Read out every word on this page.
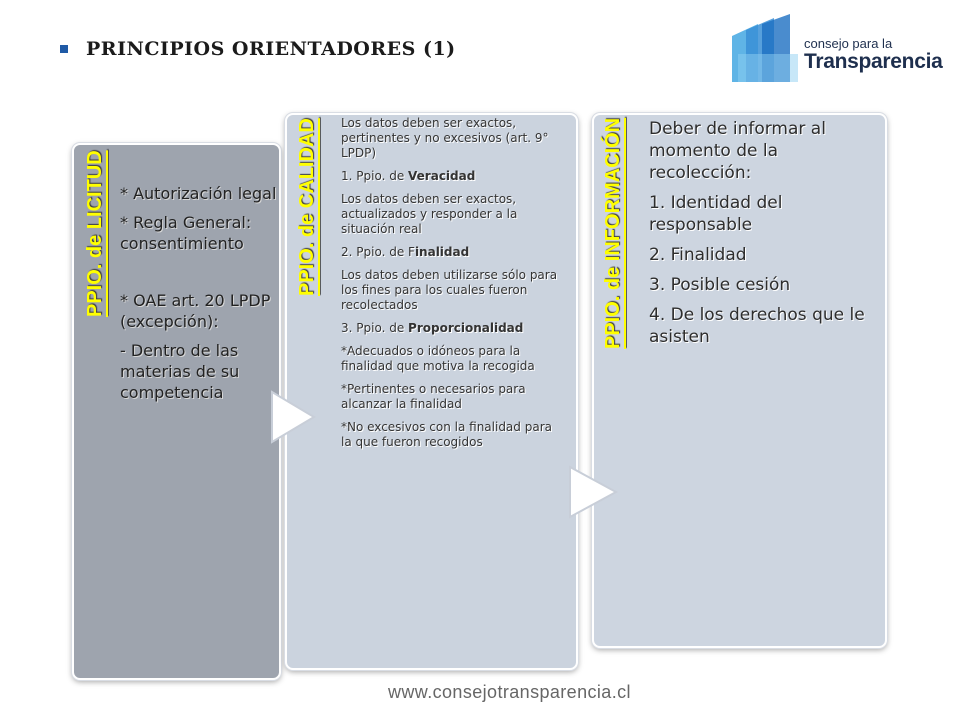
PRINCIPIOS ORIENTADORES (1)	consejo para la
Transparencia
PPIO. de LICITUD	PPIO. de CALIDAD	PPIO. de INFORMACIÓN

* Autorización legal

* Regla General: consentimiento

* OAE art. 20 LPDP (excepción):

- Dentro de las materias de su competencia

Los datos deben ser exactos, pertinentes y no excesivos (art. 9° LPDP)

1. Ppio. de Veracidad

Los datos deben ser exactos, actualizados y responder a la situación real

2. Ppio. de Finalidad

Los datos deben utilizarse sólo para los fines para los cuales fueron recolectados

3. Ppio. de Proporcionalidad

*Adecuados o idóneos para la finalidad que motiva la recogida

*Pertinentes o necesarios para alcanzar la finalidad

*No excesivos con la finalidad para la que fueron recogidos

Deber de informar al momento de la recolección:

1. Identidad del responsable

2. Finalidad

3. Posible cesión

4. De los derechos que le asisten

www.consejotransparencia.cl
